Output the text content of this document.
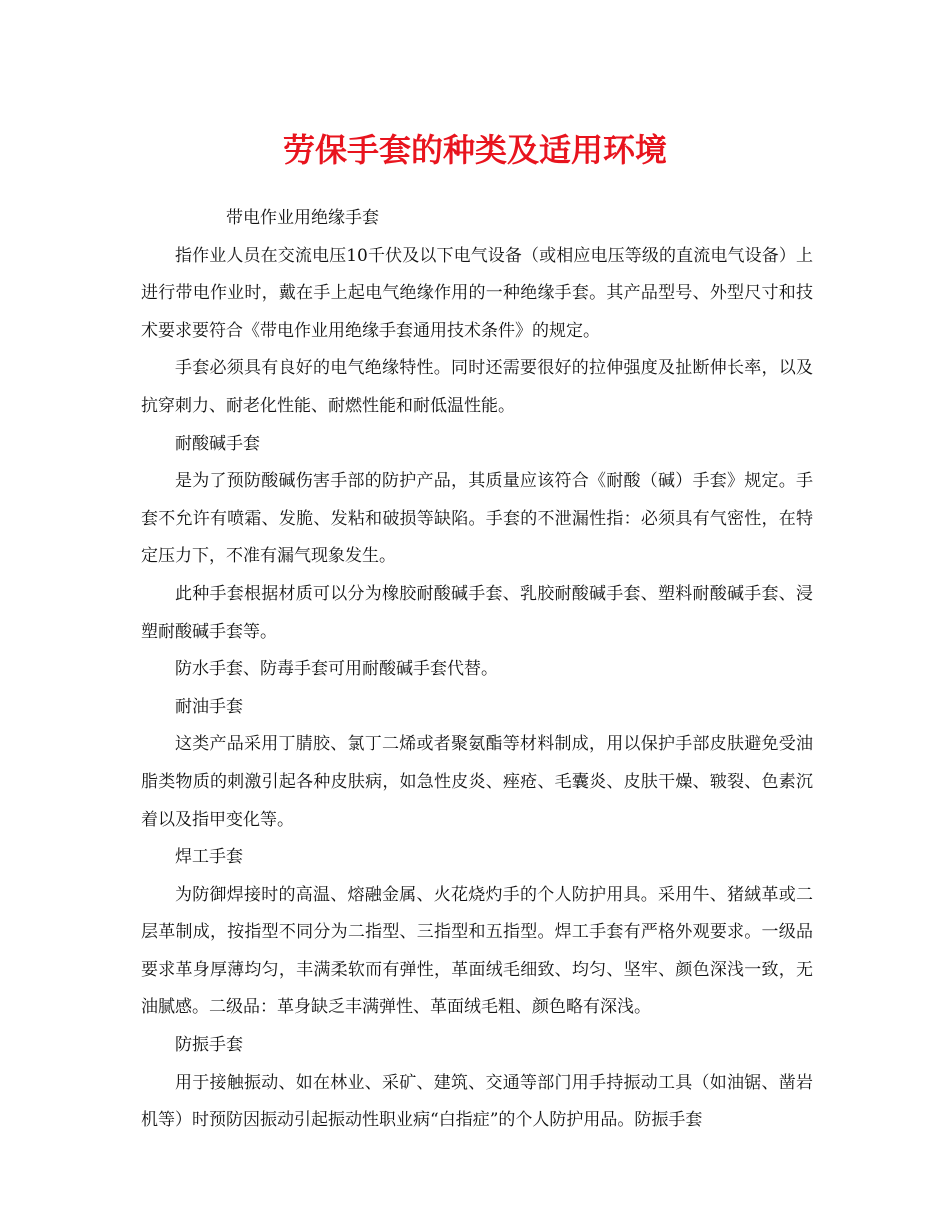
劳保手套的种类及适用环境

带电作业用绝缘手套

指作业人员在交流电压10千伏及以下电气设备（或相应电压等级的直流电气设备）上进行带电作业时，戴在手上起电气绝缘作用的一种绝缘手套。其产品型号、外型尺寸和技术要求要符合《带电作业用绝缘手套通用技术条件》的规定。

手套必须具有良好的电气绝缘特性。同时还需要很好的拉伸强度及扯断伸长率，以及抗穿刺力、耐老化性能、耐燃性能和耐低温性能。

耐酸碱手套

是为了预防酸碱伤害手部的防护产品，其质量应该符合《耐酸（碱）手套》规定。手套不允许有喷霜、发脆、发粘和破损等缺陷。手套的不泄漏性指：必须具有气密性，在特定压力下，不准有漏气现象发生。

此种手套根据材质可以分为橡胶耐酸碱手套、乳胶耐酸碱手套、塑料耐酸碱手套、浸塑耐酸碱手套等。

防水手套、防毒手套可用耐酸碱手套代替。

耐油手套

这类产品采用丁腈胶、氯丁二烯或者聚氨酯等材料制成，用以保护手部皮肤避免受油脂类物质的刺激引起各种皮肤病，如急性皮炎、痤疮、毛囊炎、皮肤干燥、皲裂、色素沉着以及指甲变化等。

焊工手套

为防御焊接时的高温、熔融金属、火花烧灼手的个人防护用具。采用牛、猪絨革或二层革制成，按指型不同分为二指型、三指型和五指型。焊工手套有严格外观要求。一级品要求革身厚薄均匀，丰满柔软而有弹性，革面绒毛细致、均匀、坚牢、颜色深浅一致，无油腻感。二级品：革身缺乏丰满弹性、革面绒毛粗、颜色略有深浅。

防振手套

用于接触振动、如在林业、采矿、建筑、交通等部门用手持振动工具（如油锯、凿岩机等）时预防因振动引起振动性职业病“白指症”的个人防护用品。防振手套
